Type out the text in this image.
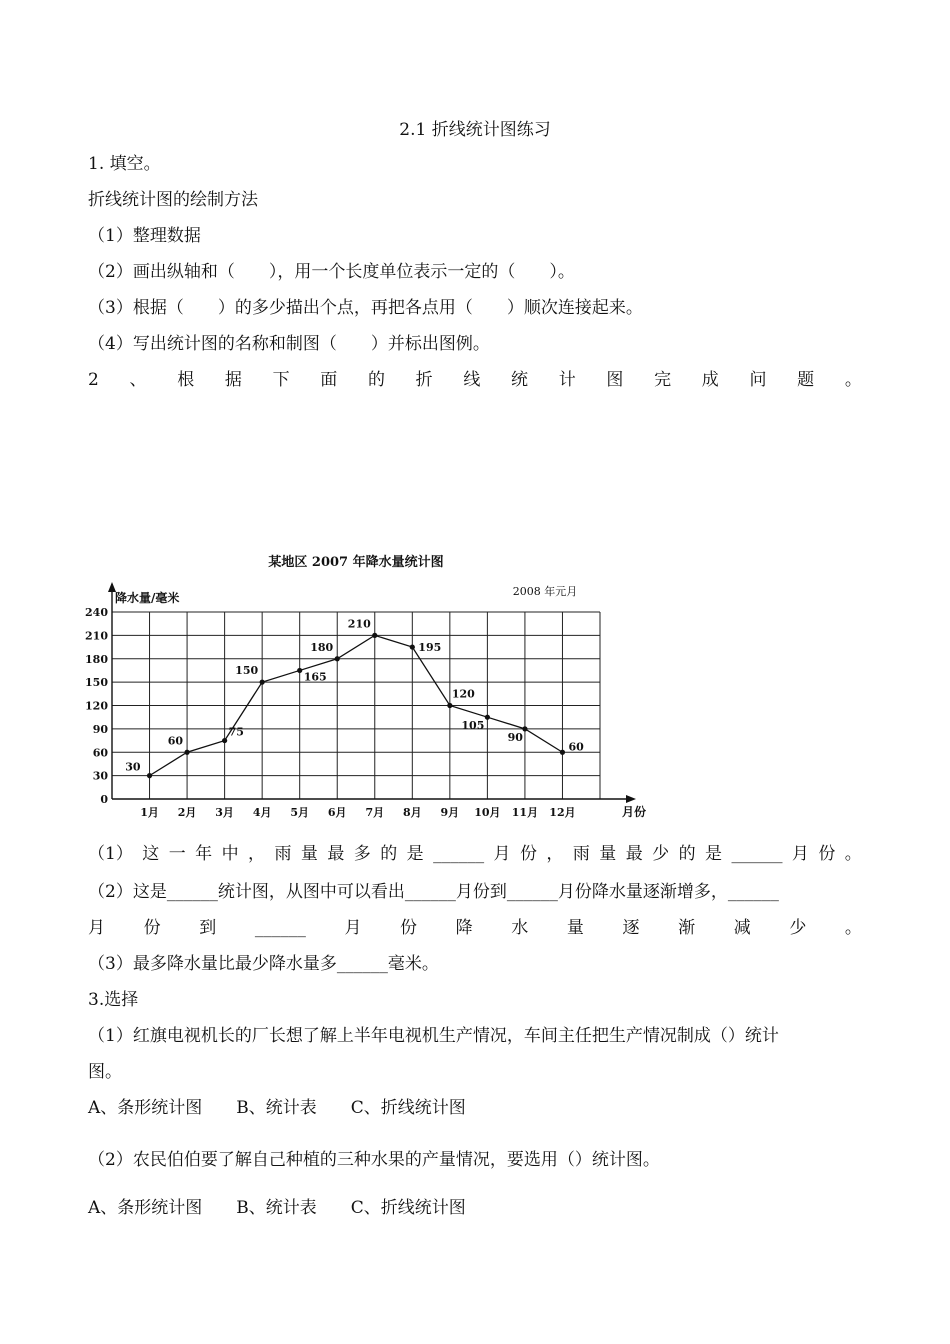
2.1 折线统计图练习
1. 填空。
折线统计图的绘制方法
（1）整理数据
（2）画出纵轴和（　　），用一个长度单位表示一定的（　　）。
（3）根据（　　）的多少描出个点，再把各点用（　　）顺次连接起来。
（4）写出统计图的名称和制图（　　）并标出图例。
2 、 根 据 下 面 的 折 线 统 计 图 完 成 问 题 。
某地区 2007 年降水量统计图
2008 年元月
降水量/毫米
月份
0
30
60
90
120
150
180
210
240
1月 2月 3月 4月 5月 6月 7月 8月 9月 10月 11月 12月
30
60
75
150	165
180
210
195
120
105
90
60
（1） 这 一 年 中 ， 雨 量 最 多 的 是 ______ 月 份 ， 雨 量 最 少 的 是 ______ 月 份 。
（2）这是______统计图，从图中可以看出______月份到______月份降水量逐渐增多，______
月 份 到 ______ 月 份 降 水 量 逐 渐 减 少 。
（3）最多降水量比最少降水量多______毫米。
3.选择
（1）红旗电视机长的厂长想了解上半年电视机生产情况，车间主任把生产情况制成（）统计
图。
A、条形统计图　　B、统计表　　C、折线统计图
（2）农民伯伯要了解自己种植的三种水果的产量情况，要选用（）统计图。
A、条形统计图　　B、统计表　　C、折线统计图
